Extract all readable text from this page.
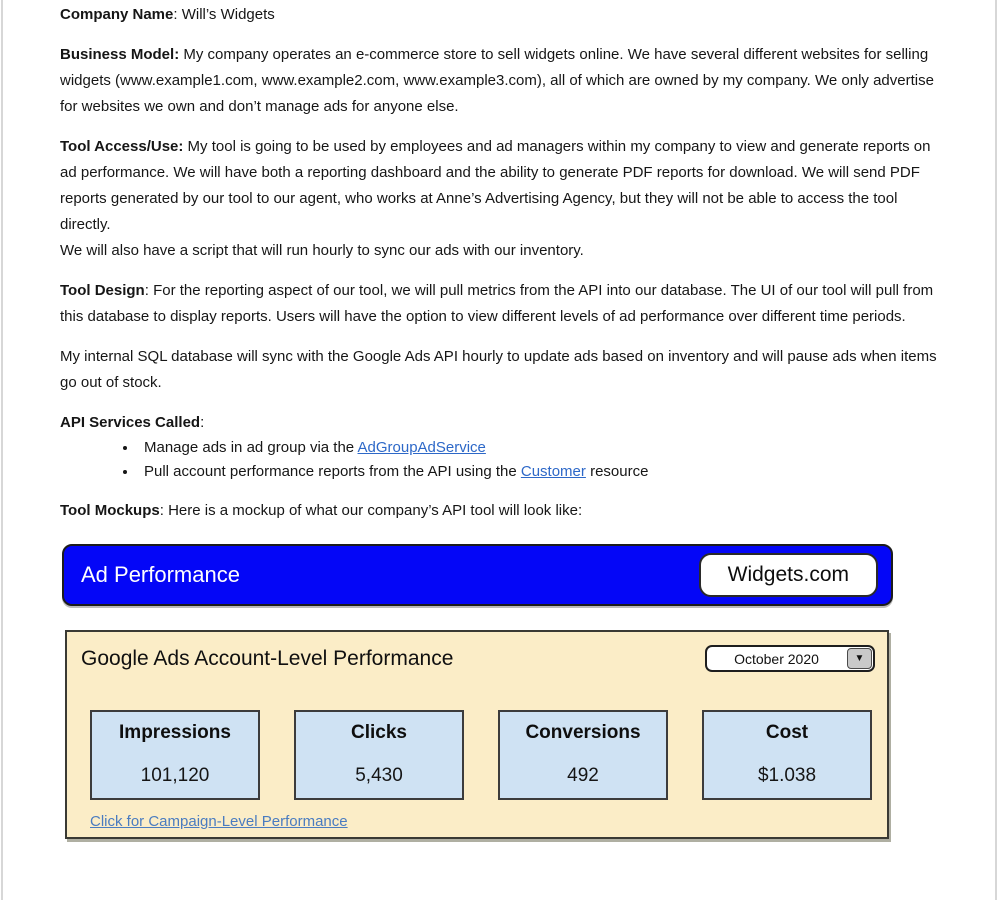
Company Name: Will’s Widgets

Business Model: My company operates an e-commerce store to sell widgets online. We have several different websites for selling widgets (www.example1.com, www.example2.com, www.example3.com), all of which are owned by my company. We only advertise for websites we own and don’t manage ads for anyone else.

Tool Access/Use: My tool is going to be used by employees and ad managers within my company to view and generate reports on ad performance. We will have both a reporting dashboard and the ability to generate PDF reports for download. We will send PDF reports generated by our tool to our agent, who works at Anne’s Advertising Agency, but they will not be able to access the tool directly.
We will also have a script that will run hourly to sync our ads with our inventory.

Tool Design: For the reporting aspect of our tool, we will pull metrics from the API into our database. The UI of our tool will pull from this database to display reports. Users will have the option to view different levels of ad performance over different time periods.

My internal SQL database will sync with the Google Ads API hourly to update ads based on inventory and will pause ads when items go out of stock.

API Services Called:

• Manage ads in ad group via the AdGroupAdService
• Pull account performance reports from the API using the Customer resource

Tool Mockups: Here is a mockup of what our company’s API tool will look like:

Ad Performance	Widgets.com
Google Ads Account-Level Performance	October 2020	▼
Impressions
101,120
Clicks
5,430
Conversions
492
Cost
$1.038
Click for Campaign-Level Performance
